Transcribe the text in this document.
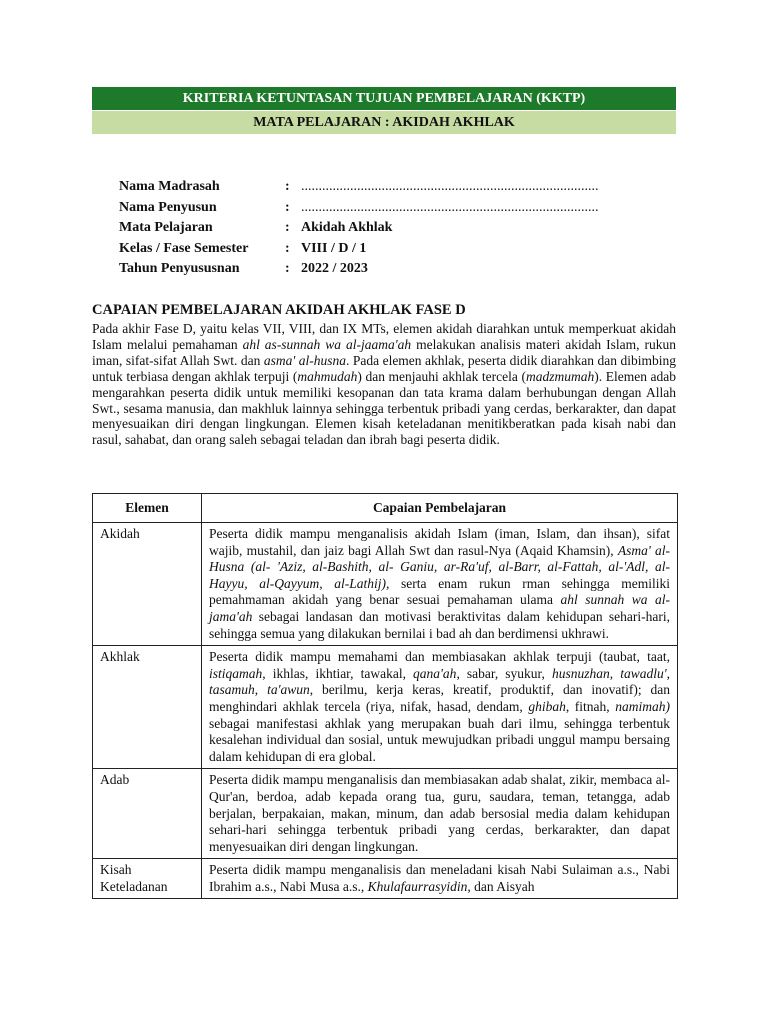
KRITERIA KETUNTASAN TUJUAN PEMBELAJARAN (KKTP)
MATA PELAJARAN : AKIDAH AKHLAK
Nama Madrasah	: .....................................................................................
Nama Penyusun	: .....................................................................................
Mata Pelajaran	: Akidah Akhlak
Kelas / Fase Semester	: VIII / D / 1
Tahun Penyususnan	: 2022 / 2023
CAPAIAN PEMBELAJARAN AKIDAH AKHLAK FASE D

Pada akhir Fase D, yaitu kelas VII, VIII, dan IX MTs, elemen akidah diarahkan untuk memperkuat akidah Islam melalui pemahaman ahl as-sunnah wa al-jaama'ah melakukan analisis materi akidah Islam, rukun iman, sifat-sifat Allah Swt. dan asma' al-husna. Pada elemen akhlak, peserta didik diarahkan dan dibimbing untuk terbiasa dengan akhlak terpuji (mahmudah) dan menjauhi akhlak tercela (madzmumah). Elemen adab mengarahkan peserta didik untuk memiliki kesopanan dan tata krama dalam berhubungan dengan Allah Swt., sesama manusia, dan makhluk lainnya sehingga terbentuk pribadi yang cerdas, berkarakter, dan dapat menyesuaikan diri dengan lingkungan. Elemen kisah keteladanan menitikberatkan pada kisah nabi dan rasul, sahabat, dan orang saleh sebagai teladan dan ibrah bagi peserta didik.

Elemen	Capaian Pembelajaran
Akidah	Peserta didik mampu menganalisis akidah Islam (iman, Islam, dan ihsan), sifat wajib, mustahil, dan jaiz bagi Allah Swt dan rasul-Nya (Aqaid Khamsin), Asma' al-Husna (al- 'Aziz, al-Bashith, al- Ganiu, ar-Ra'uf, al-Barr, al-Fattah, al-'Adl, al-Hayyu, al-Qayyum, al-Lathij), serta enam rukun rman sehingga memiliki pemahmaman akidah yang benar sesuai pemahaman ulama ahl sunnah wa al-jama'ah sebagai landasan dan motivasi berakt​ivitas dalam kehidupan sehari-hari, sehingga semua yang dilakukan bernilai i bad ah dan berdimensi ukhrawi.
Akhlak	Peserta didik mampu memahami dan membiasakan akhlak terpuji (taubat, taat, istiqamah, ikhlas, ikhtiar, tawakal, qana'ah, sabar, syukur, husnuzhan, tawadlu', tasamuh, ta'awun, berilmu, kerja keras, kreatif, produktif, dan inovatif); dan menghindari akhlak tercela (riya, nifak, hasad, dendam, ghibah, fitnah, namimah) sebagai manifestasi akhlak yang merupakan buah dari ilmu, sehingga terbentuk kesalehan individual dan sosial, untuk mewujudkan pribadi unggul mampu bersaing dalam kehidupan di era global.
Adab	Peserta didik mampu menganalisis dan membiasakan adab shalat, zikir, membaca al-Qur'an, berdoa, adab kepada orang tua, guru, saudara, teman, tetangga, adab berjalan, berpakaian, makan, minum, dan adab bersosial media dalam kehidupan sehari-hari sehingga terbentuk pribadi yang cerdas, berkarakter, dan dapat menyesuaikan diri dengan lingkungan.
Kisah Keteladanan	Peserta didik mampu menganalisis dan meneladani kisah Nabi Sulaiman a.s., Nabi Ibrahim a.s., Nabi Musa a.s., Khulafaurrasyidin, dan Aisyah
